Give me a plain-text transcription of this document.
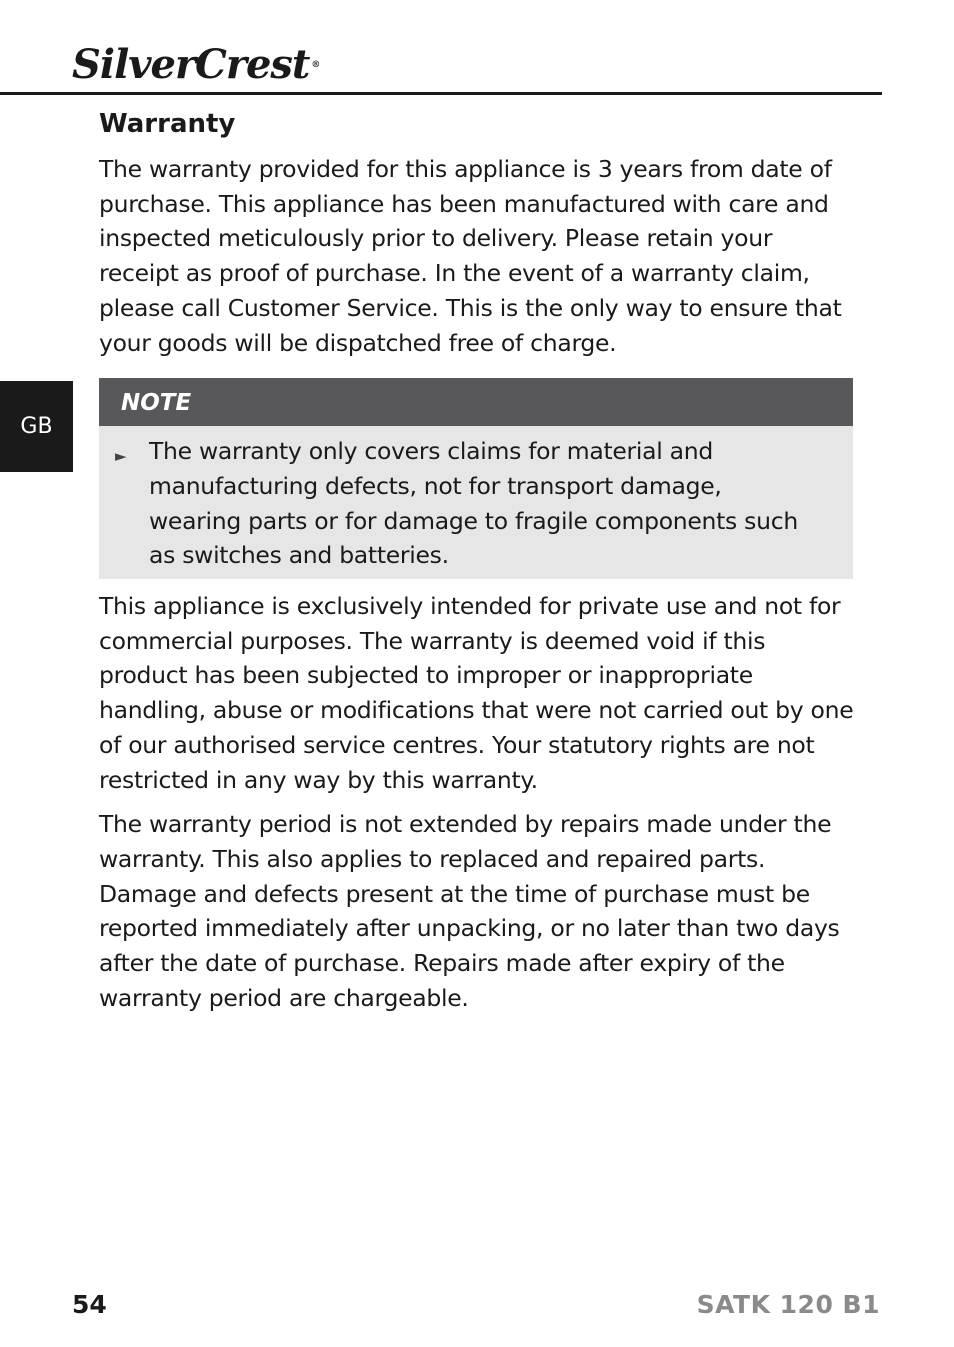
SilverCrest ®
GB
Warranty

The warranty provided for this appliance is 3 years from date of purchase. This appliance has been manufactured with care and inspected meticulously prior to delivery. Please retain your receipt as proof of purchase. In the event of a warranty claim, please call Customer Service. This is the only way to ensure that your goods will be dispatched free of charge.

NOTE
► The warranty only covers claims for material and manufacturing defects, not for transport damage, wearing parts or for damage to fragile components such as switches and batteries.

This appliance is exclusively intended for private use and not for commercial purposes. The warranty is deemed void if this product has been subjected to improper or inappropriate handling, abuse or modifications that were not carried out by one of our authorised service centres. Your statutory rights are not restricted in any way by this warranty.

The warranty period is not extended by repairs made under the warranty. This also applies to replaced and repaired parts. Damage and defects present at the time of purchase must be reported immediately after unpacking, or no later than two days after the date of purchase. Repairs made after expiry of the warranty period are chargeable.

54	SATK 120 B1
